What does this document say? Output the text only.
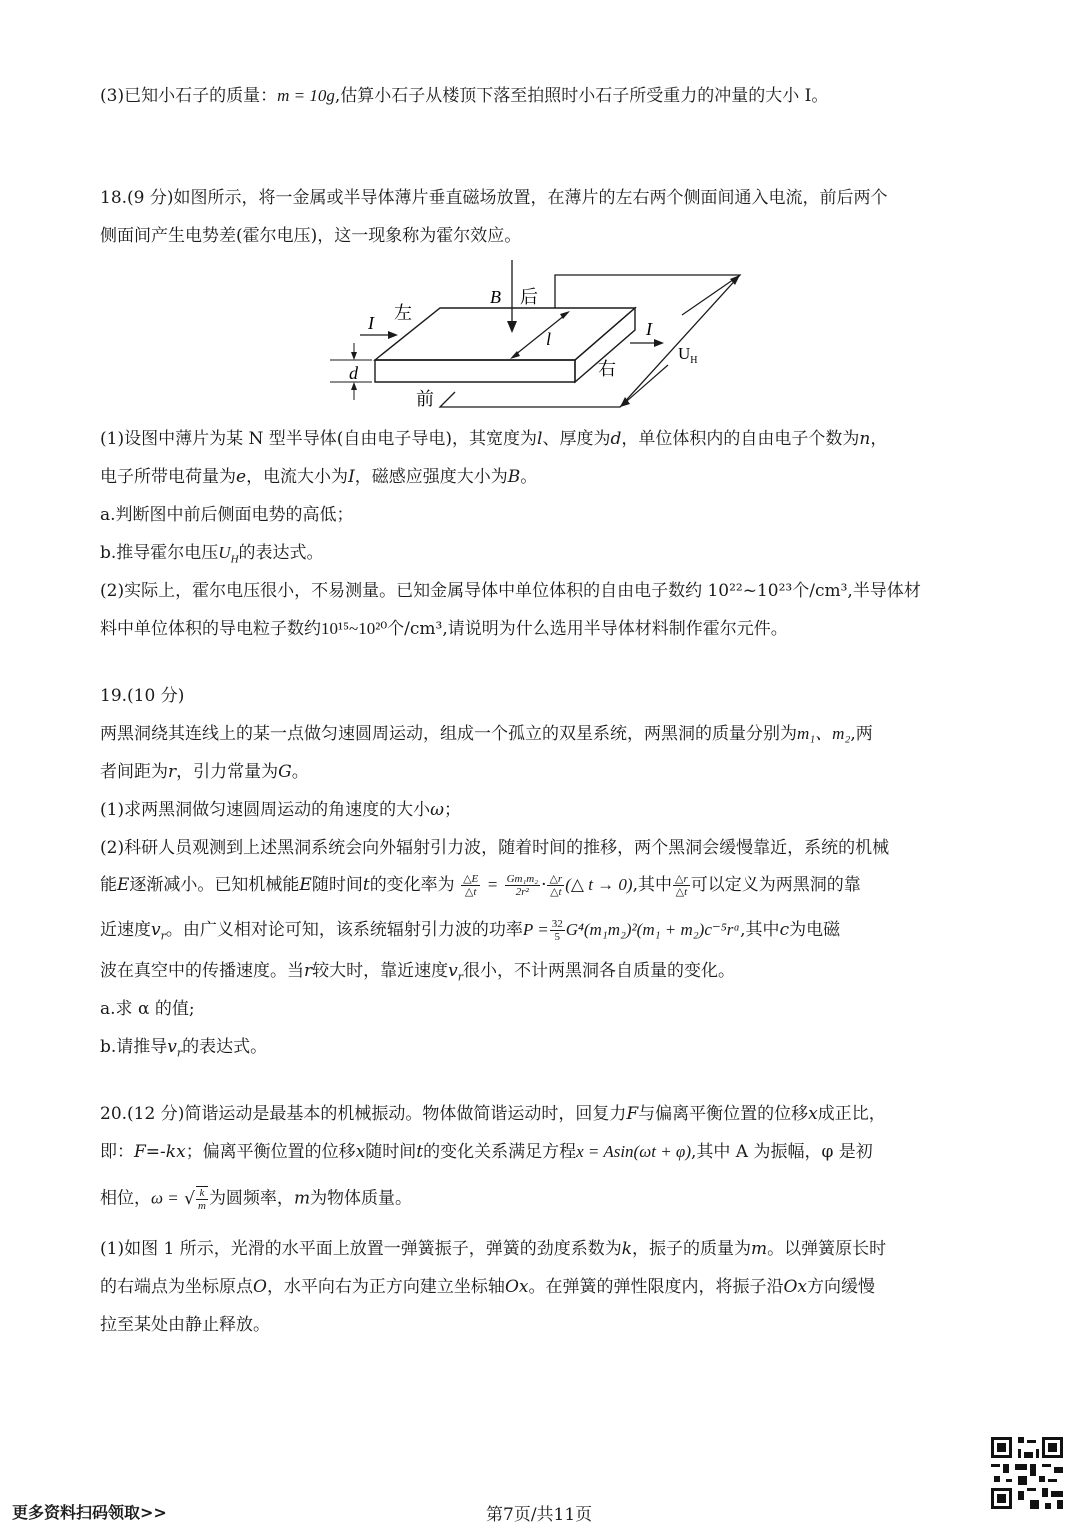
(3)已知小石子的质量：m = 10g,估算小石子从楼顶下落至拍照时小石子所受重力的冲量的大小 I。
18.(9 分)如图所示，将一金属或半导体薄片垂直磁场放置，在薄片的左右两个侧面间通入电流，前后两个
侧面间产生电势差(霍尔电压)，这一现象称为霍尔效应。
B 后
左
I	I
l
$U_H$
d	右
前
(1)设图中薄片为某 N 型半导体(自由电子导电)，其宽度为l、厚度为d，单位体积内的自由电子个数为n，
电子所带电荷量为e，电流大小为I，磁感应强度大小为B。
a.判断图中前后侧面电势的高低；
b.推导霍尔电压$U_H$的表达式。
(2)实际上，霍尔电压很小，不易测量。已知金属导体中单位体积的自由电子数约 10²²~10²³个/cm³,半导体材
料中单位体积的导电粒子数约10¹⁵~10²⁰个/cm³,请说明为什么选用半导体材料制作霍尔元件。
19.(10 分)
两黑洞绕其连线上的某一点做匀速圆周运动，组成一个孤立的双星系统，两黑洞的质量分别为m₁、m₂,两
者间距为r，引力常量为G。
(1)求两黑洞做匀速圆周运动的角速度的大小ω；
(2)科研人员观测到上述黑洞系统会向外辐射引力波，随着时间的推移，两个黑洞会缓慢靠近，系统的机械
能E逐渐减小。已知机械能E随时间t的变化率为 $\frac{\triangle E}{\triangle t} = \frac{\text{Gm₁m₂}}{\text{2r²}} \cdot \frac{\triangle r}{\triangle t}$ (△ t → 0),其中 $\frac{\triangle r}{\triangle t}$ 可以定义为两黑洞的靠
近速度$v_r$。由广义相对论可知，该系统辐射引力波的功率$P = \frac{32}{5} G^4(m_1m_2)^2(m_1$ + m₂)c⁻⁵rᵅ,其中c为电磁
波在真空中的传播速度。当r较大时，靠近速度$v_r$很小，不计两黑洞各自质量的变化。
a.求 α 的值;
b.请推导$v_r$的表达式。
20.(12 分)简谐运动是最基本的机械振动。物体做简谐运动时，回复力F与偏离平衡位置的位移x成正比，
即：F=-kx；偏离平衡位置的位移x随时间t的变化关系满足方程x = Asin(ωt + φ),其中 A 为振幅，φ 是初
相位，ω = √ $\frac{k}{m}$ 为圆频率，m为物体质量。
(1)如图 1 所示，光滑的水平面上放置一弹簧振子，弹簧的劲度系数为k，振子的质量为m。以弹簧原长时
的右端点为坐标原点O，水平向右为正方向建立坐标轴Ox。在弹簧的弹性限度内，将振子沿Ox方向缓慢
拉至某处由静止释放。
更多资料扫码领取>>	第7页/共11页
